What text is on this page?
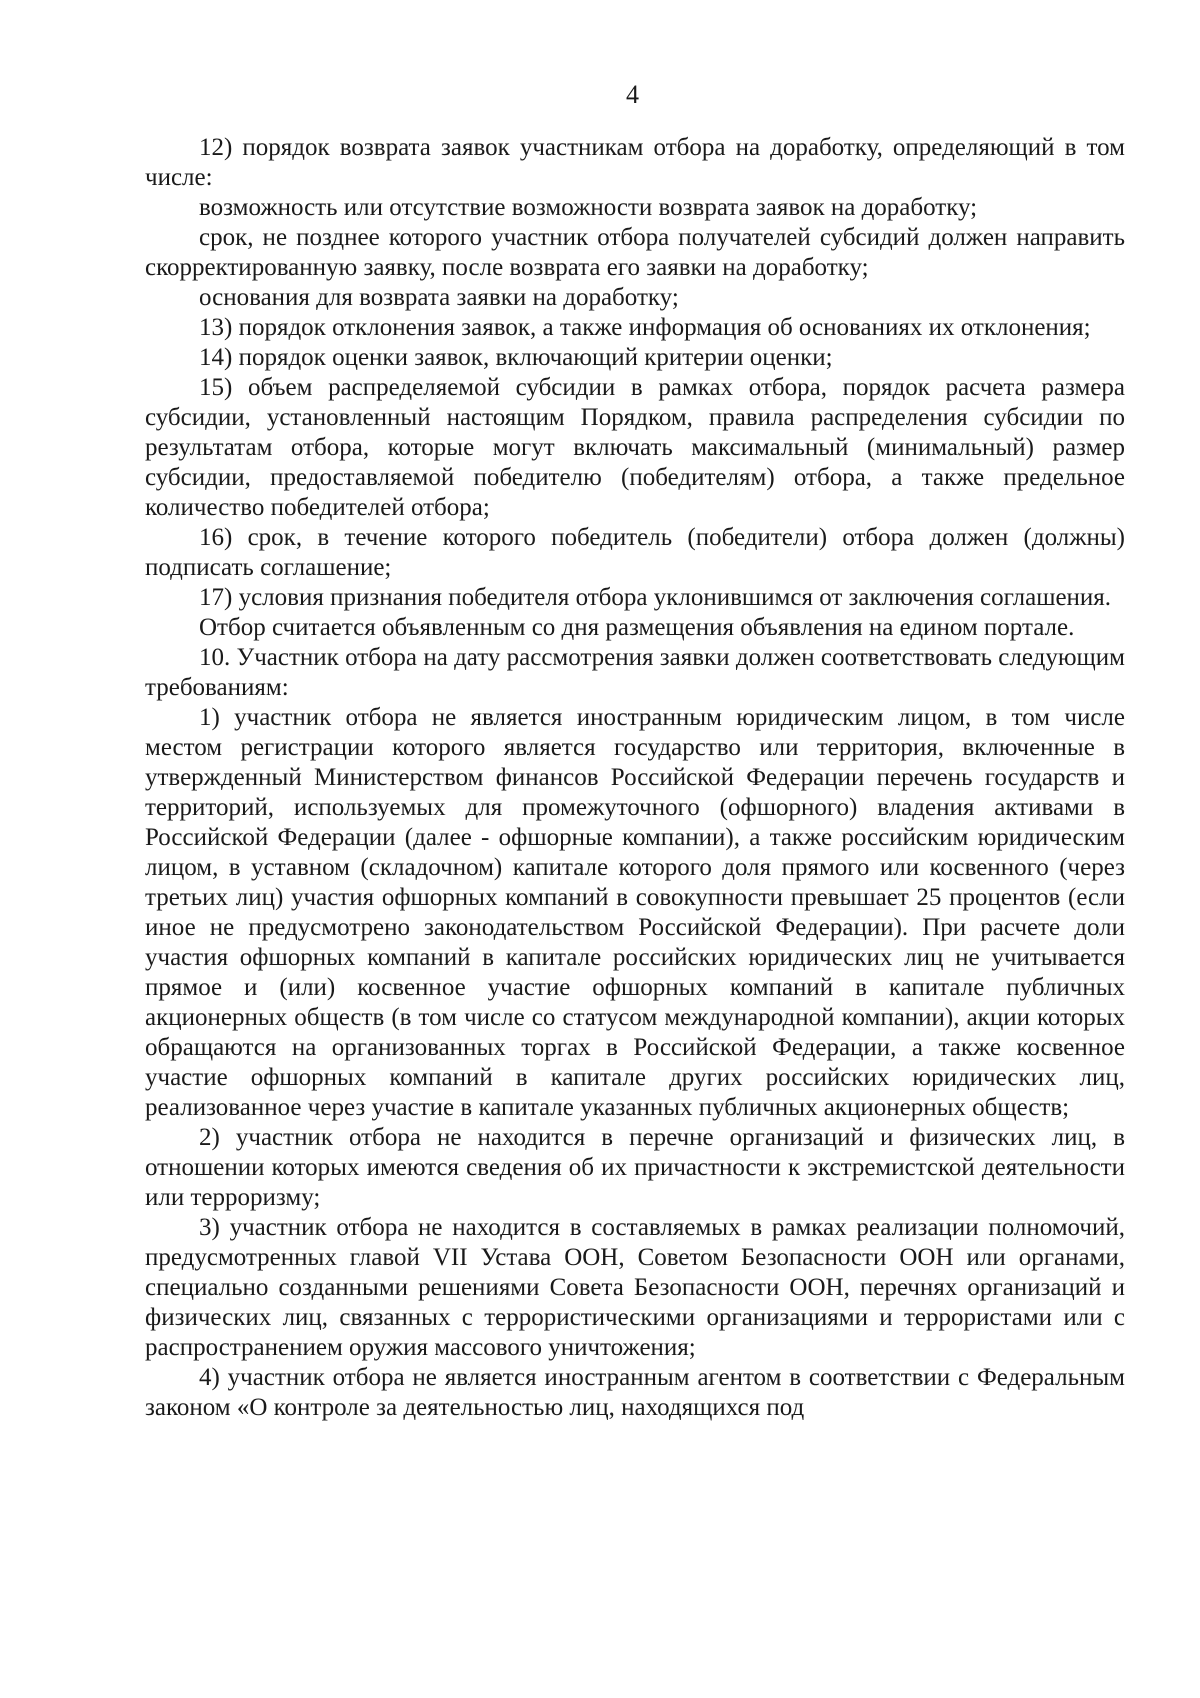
4

12) порядок возврата заявок участникам отбора на доработку, определяющий в том числе:

возможность или отсутствие возможности возврата заявок на доработку;

срок, не позднее которого участник отбора получателей субсидий должен направить скорректированную заявку, после возврата его заявки на доработку;

основания для возврата заявки на доработку;

13) порядок отклонения заявок, а также информация об основаниях их отклонения;

14) порядок оценки заявок, включающий критерии оценки;

15) объем распределяемой субсидии в рамках отбора, порядок расчета размера субсидии, установленный настоящим Порядком, правила распределения субсидии по результатам отбора, которые могут включать максимальный (минимальный) размер субсидии, предоставляемой победителю (победителям) отбора, а также предельное количество победителей отбора;

16) срок, в течение которого победитель (победители) отбора должен (должны) подписать соглашение;

17) условия признания победителя отбора уклонившимся от заключения соглашения.

Отбор считается объявленным со дня размещения объявления на едином портале.

10. Участник отбора на дату рассмотрения заявки должен соответствовать следующим требованиям:

1) участник отбора не является иностранным юридическим лицом, в том числе местом регистрации которого является государство или территория, включенные в утвержденный Министерством финансов Российской Федерации перечень государств и территорий, используемых для промежуточного (офшорного) владения активами в Российской Федерации (далее - офшорные компании), а также российским юридическим лицом, в уставном (складочном) капитале которого доля прямого или косвенного (через третьих лиц) участия офшорных компаний в совокупности превышает 25 процентов (если иное не предусмотрено законодательством Российской Федерации). При расчете доли участия офшорных компаний в капитале российских юридических лиц не учитывается прямое и (или) косвенное участие офшорных компаний в капитале публичных акционерных обществ (в том числе со статусом международной компании), акции которых обращаются на организованных торгах в Российской Федерации, а также косвенное участие офшорных компаний в капитале других российских юридических лиц, реализованное через участие в капитале указанных публичных акционерных обществ;

2) участник отбора не находится в перечне организаций и физических лиц, в отношении которых имеются сведения об их причастности к экстремистской деятельности или терроризму;

3) участник отбора не находится в составляемых в рамках реализации полномочий, предусмотренных главой VII Устава ООН, Советом Безопасности ООН или органами, специально созданными решениями Совета Безопасности ООН, перечнях организаций и физических лиц, связанных с террористическими организациями и террористами или с распространением оружия массового уничтожения;

4) участник отбора не является иностранным агентом в соответствии с Федеральным законом «О контроле за деятельностью лиц, находящихся под
